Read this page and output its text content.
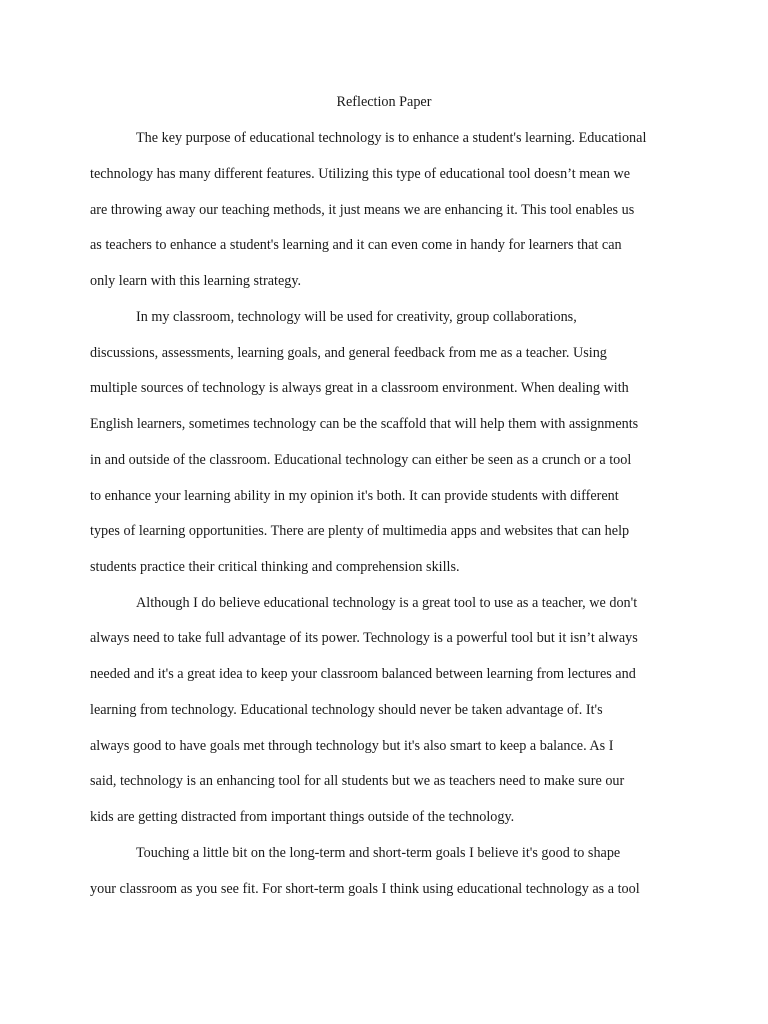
Reflection Paper
The key purpose of educational technology is to enhance a student's learning. Educational
technology has many different features. Utilizing this type of educational tool doesn’t mean we
are throwing away our teaching methods, it just means we are enhancing it. This tool enables us
as teachers to enhance a student's learning and it can even come in handy for learners that can
only learn with this learning strategy.
In my classroom, technology will be used for creativity, group collaborations,
discussions, assessments, learning goals, and general feedback from me as a teacher. Using
multiple sources of technology is always great in a classroom environment. When dealing with
English learners, sometimes technology can be the scaffold that will help them with assignments
in and outside of the classroom. Educational technology can either be seen as a crunch or a tool
to enhance your learning ability in my opinion it's both. It can provide students with different
types of learning opportunities. There are plenty of multimedia apps and websites that can help
students practice their critical thinking and comprehension skills.
Although I do believe educational technology is a great tool to use as a teacher, we don't
always need to take full advantage of its power. Technology is a powerful tool but it isn’t always
needed and it's a great idea to keep your classroom balanced between learning from lectures and
learning from technology. Educational technology should never be taken advantage of. It's
always good to have goals met through technology but it's also smart to keep a balance. As I
said, technology is an enhancing tool for all students but we as teachers need to make sure our
kids are getting distracted from important things outside of the technology.
Touching a little bit on the long-term and short-term goals I believe it's good to shape
your classroom as you see fit. For short-term goals I think using educational technology as a tool
